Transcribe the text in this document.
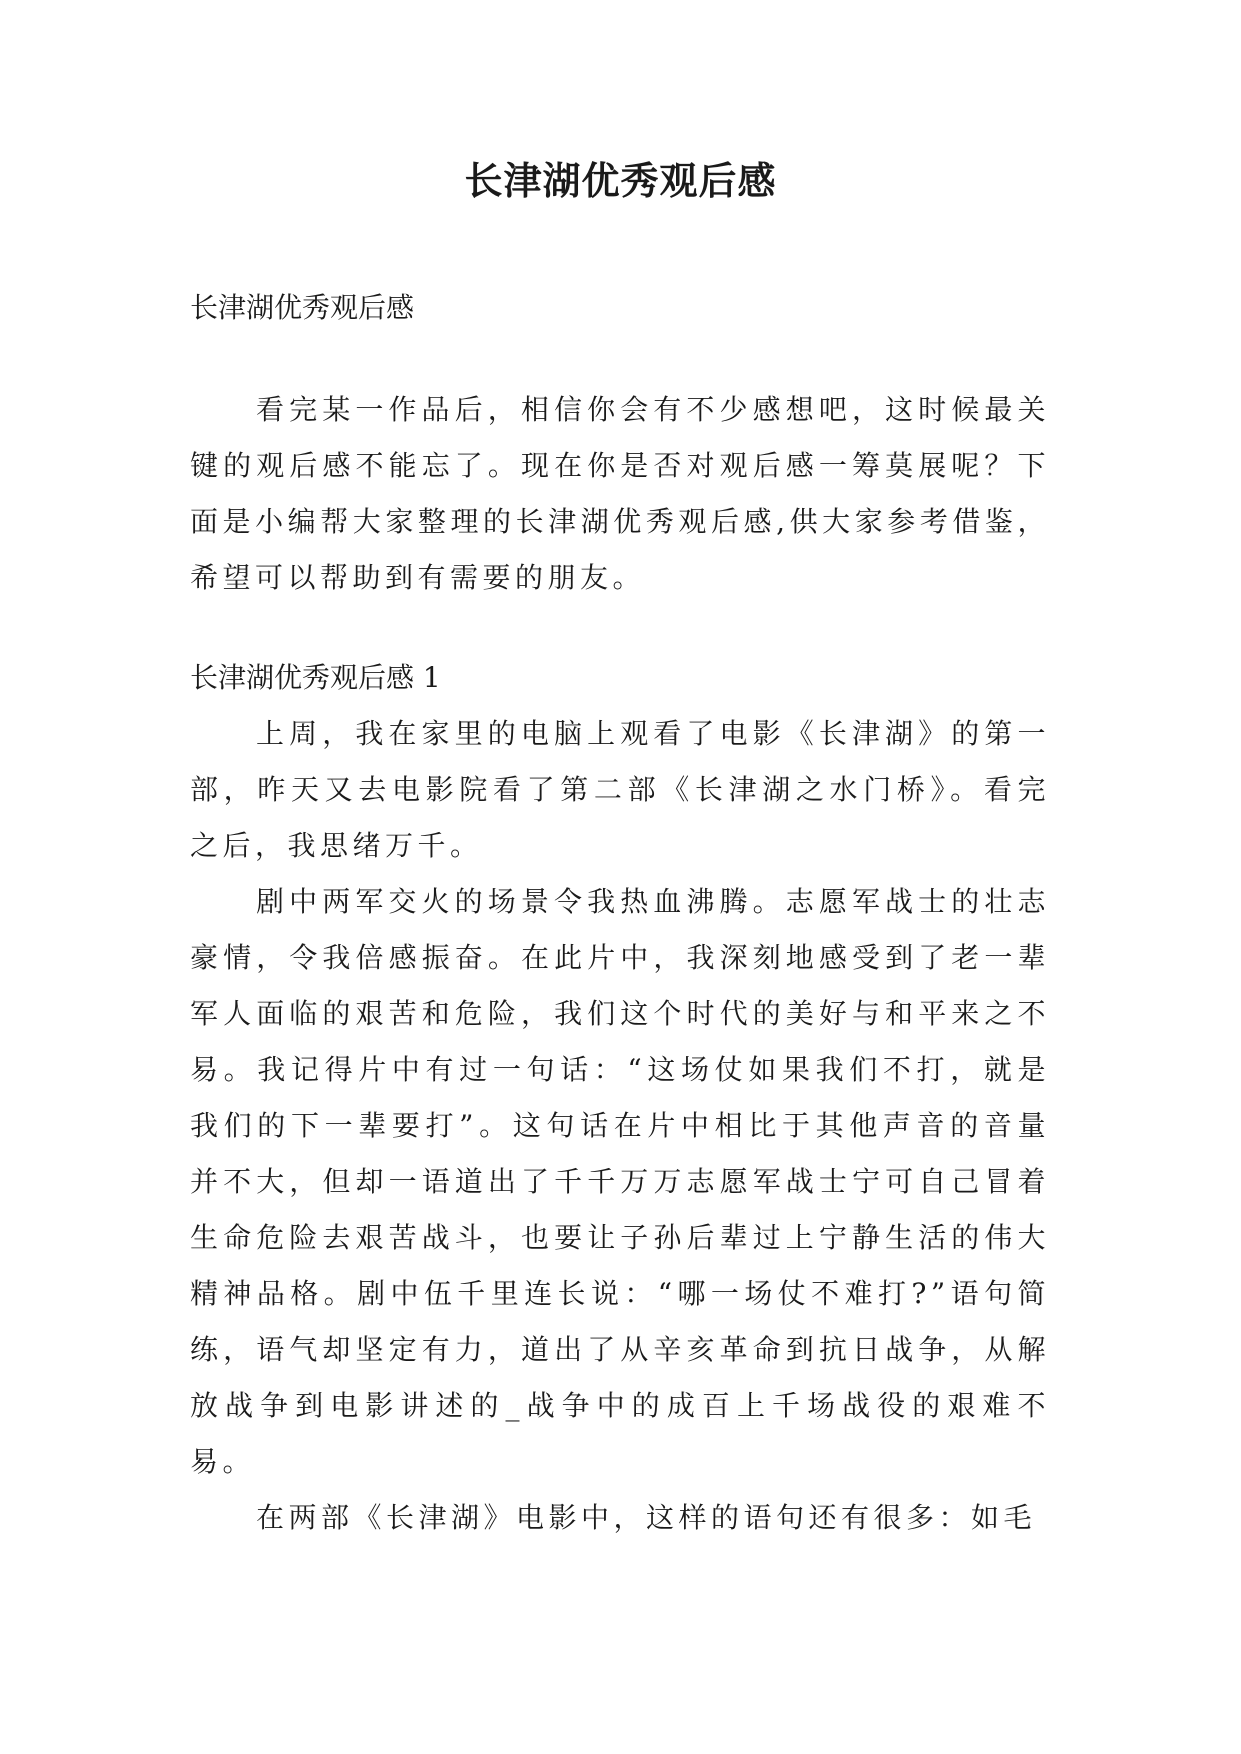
长津湖优秀观后感

长津湖优秀观后感

看完某一作品后，相信你会有不少感想吧，这时候最关键的观后感不能忘了。现在你是否对观后感一筹莫展呢？下面是小编帮大家整理的长津湖优秀观后感,供大家参考借鉴，希望可以帮助到有需要的朋友。

长津湖优秀观后感 1

上周，我在家里的电脑上观看了电影《长津湖》的第一部，昨天又去电影院看了第二部《长津湖之水门桥》。看完之后，我思绪万千。

剧中两军交火的场景令我热血沸腾。志愿军战士的壮志豪情，令我倍感振奋。在此片中，我深刻地感受到了老一辈军人面临的艰苦和危险，我们这个时代的美好与和平来之不易。我记得片中有过一句话：“这场仗如果我们不打，就是我们的下一辈要打”。这句话在片中相比于其他声音的音量并不大，但却一语道出了千千万万志愿军战士宁可自己冒着生命危险去艰苦战斗，也要让子孙后辈过上宁静生活的伟大精神品格。剧中伍千里连长说：“哪一场仗不难打?”语句简练，语气却坚定有力，道出了从辛亥革命到抗日战争，从解放战争到电影讲述的_战争中的成百上千场战役的艰难不易。

在两部《长津湖》电影中，这样的语句还有很多：如毛
